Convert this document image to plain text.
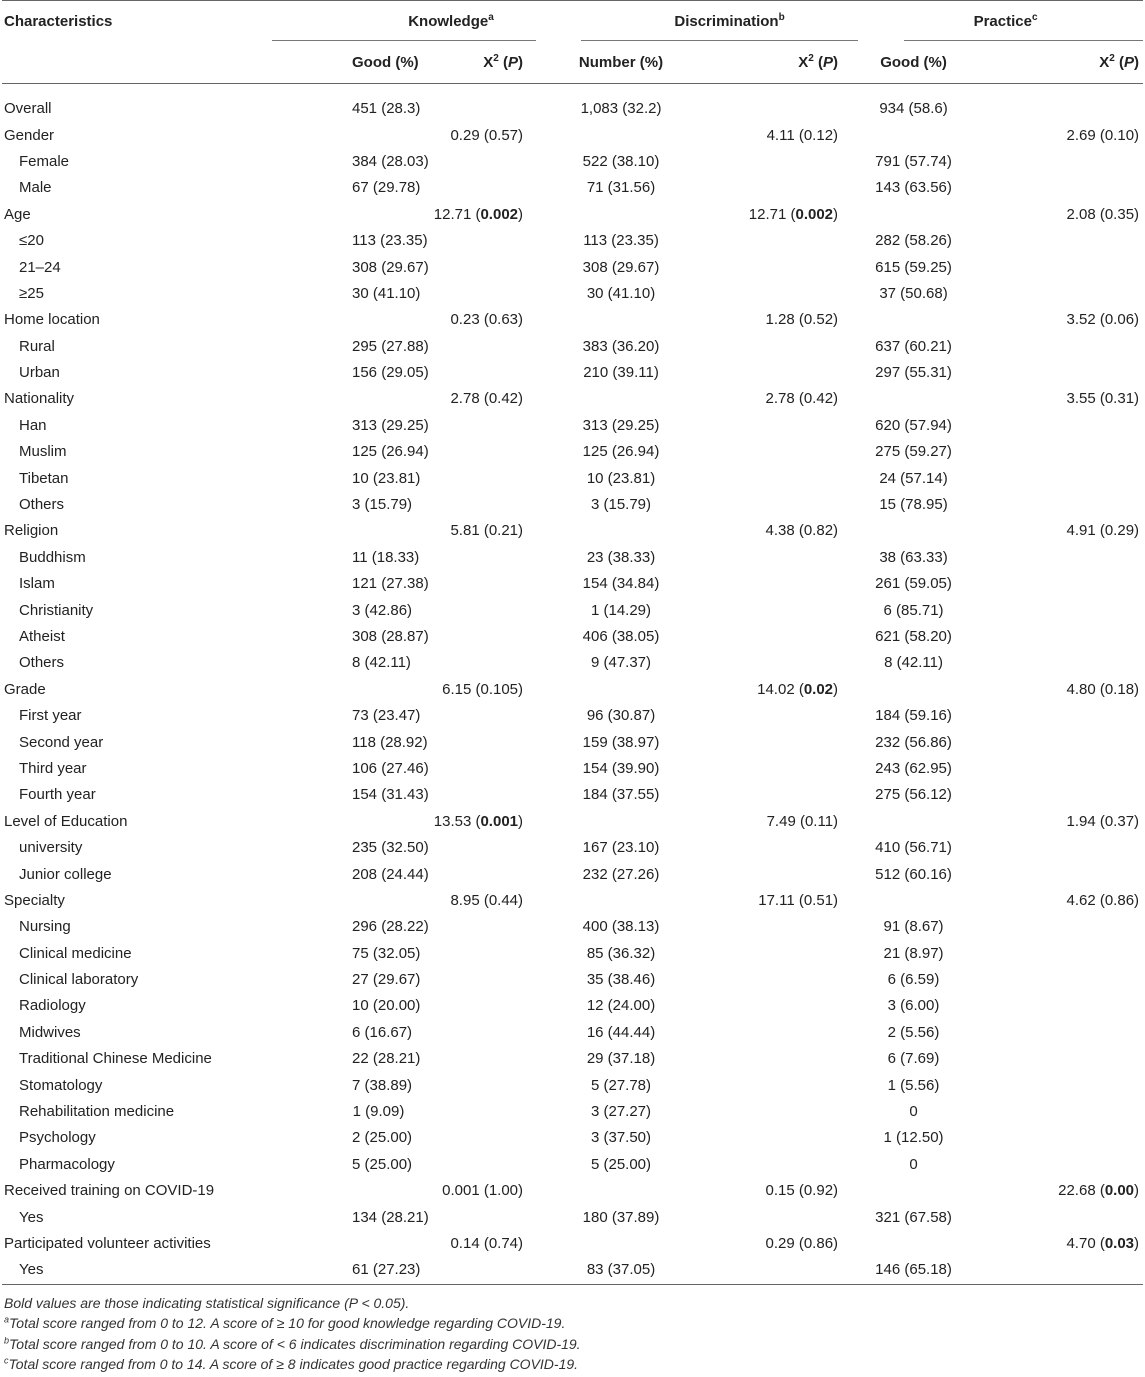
Characteristics	Knowledge$^a$		Discrimination$^b$		Practice$^c$

	Good (%)	$X^2$ (P)	Number (%)	$X^2$ (P)	Good (%)	$X^2$ (P)
Overall	451 (28.3)		1,083 (32.2)		934 (58.6)	
Gender		0.29 (0.57)		4.11 (0.12)		2.69 (0.10)
Female	384 (28.03)		522 (38.10)		791 (57.74)	
Male	67 (29.78)		71 (31.56)		143 (63.56)	
Age		12.71 (0.002)		12.71 (0.002)		2.08 (0.35)
≤20	113 (23.35)		113 (23.35)		282 (58.26)	
21–24	308 (29.67)		308 (29.67)		615 (59.25)	
≥25	30 (41.10)		30 (41.10)		37 (50.68)	
Home location		0.23 (0.63)		1.28 (0.52)		3.52 (0.06)
Rural	295 (27.88)		383 (36.20)		637 (60.21)	
Urban	156 (29.05)		210 (39.11)		297 (55.31)	
Nationality		2.78 (0.42)		2.78 (0.42)		3.55 (0.31)
Han	313 (29.25)		313 (29.25)		620 (57.94)	
Muslim	125 (26.94)		125 (26.94)		275 (59.27)	
Tibetan	10 (23.81)		10 (23.81)		24 (57.14)	
Others	3 (15.79)		3 (15.79)		15 (78.95)	
Religion		5.81 (0.21)		4.38 (0.82)		4.91 (0.29)
Buddhism	11 (18.33)		23 (38.33)		38 (63.33)	
Islam	121 (27.38)		154 (34.84)		261 (59.05)	
Christianity	3 (42.86)		1 (14.29)		6 (85.71)	
Atheist	308 (28.87)		406 (38.05)		621 (58.20)	
Others	8 (42.11)		9 (47.37)		8 (42.11)	
Grade		6.15 (0.105)		14.02 (0.02)		4.80 (0.18)
First year	73 (23.47)		96 (30.87)		184 (59.16)	
Second year	118 (28.92)		159 (38.97)		232 (56.86)	
Third year	106 (27.46)		154 (39.90)		243 (62.95)	
Fourth year	154 (31.43)		184 (37.55)		275 (56.12)	
Level of Education		13.53 (0.001)		7.49 (0.11)		1.94 (0.37)
university	235 (32.50)		167 (23.10)		410 (56.71)	
Junior college	208 (24.44)		232 (27.26)		512 (60.16)	
Specialty		8.95 (0.44)		17.11 (0.51)		4.62 (0.86)
Nursing	296 (28.22)		400 (38.13)		91 (8.67)	
Clinical medicine	75 (32.05)		85 (36.32)		21 (8.97)	
Clinical laboratory	27 (29.67)		35 (38.46)		6 (6.59)	
Radiology	10 (20.00)		12 (24.00)		3 (6.00)	
Midwives	6 (16.67)		16 (44.44)		2 (5.56)	
Traditional Chinese Medicine	22 (28.21)		29 (37.18)		6 (7.69)	
Stomatology	7 (38.89)		5 (27.78)		1 (5.56)	
Rehabilitation medicine	1 (9.09)		3 (27.27)		0	
Psychology	2 (25.00)		3 (37.50)		1 (12.50)	
Pharmacology	5 (25.00)		5 (25.00)		0	
Received training on COVID-19		0.001 (1.00)		0.15 (0.92)		22.68 (0.00)
Yes	134 (28.21)		180 (37.89)		321 (67.58)	
Participated volunteer activities		0.14 (0.74)		0.29 (0.86)		4.70 (0.03)
Yes	61 (27.23)		83 (37.05)		146 (65.18)	
Bold values are those indicating statistical significance (P < 0.05).
$^a$Total score ranged from 0 to 12. A score of ≥ 10 for good knowledge regarding COVID-19.
$^b$Total score ranged from 0 to 10. A score of < 6 indicates discrimination regarding COVID-19.
$^c$Total score ranged from 0 to 14. A score of ≥ 8 indicates good practice regarding COVID-19.
